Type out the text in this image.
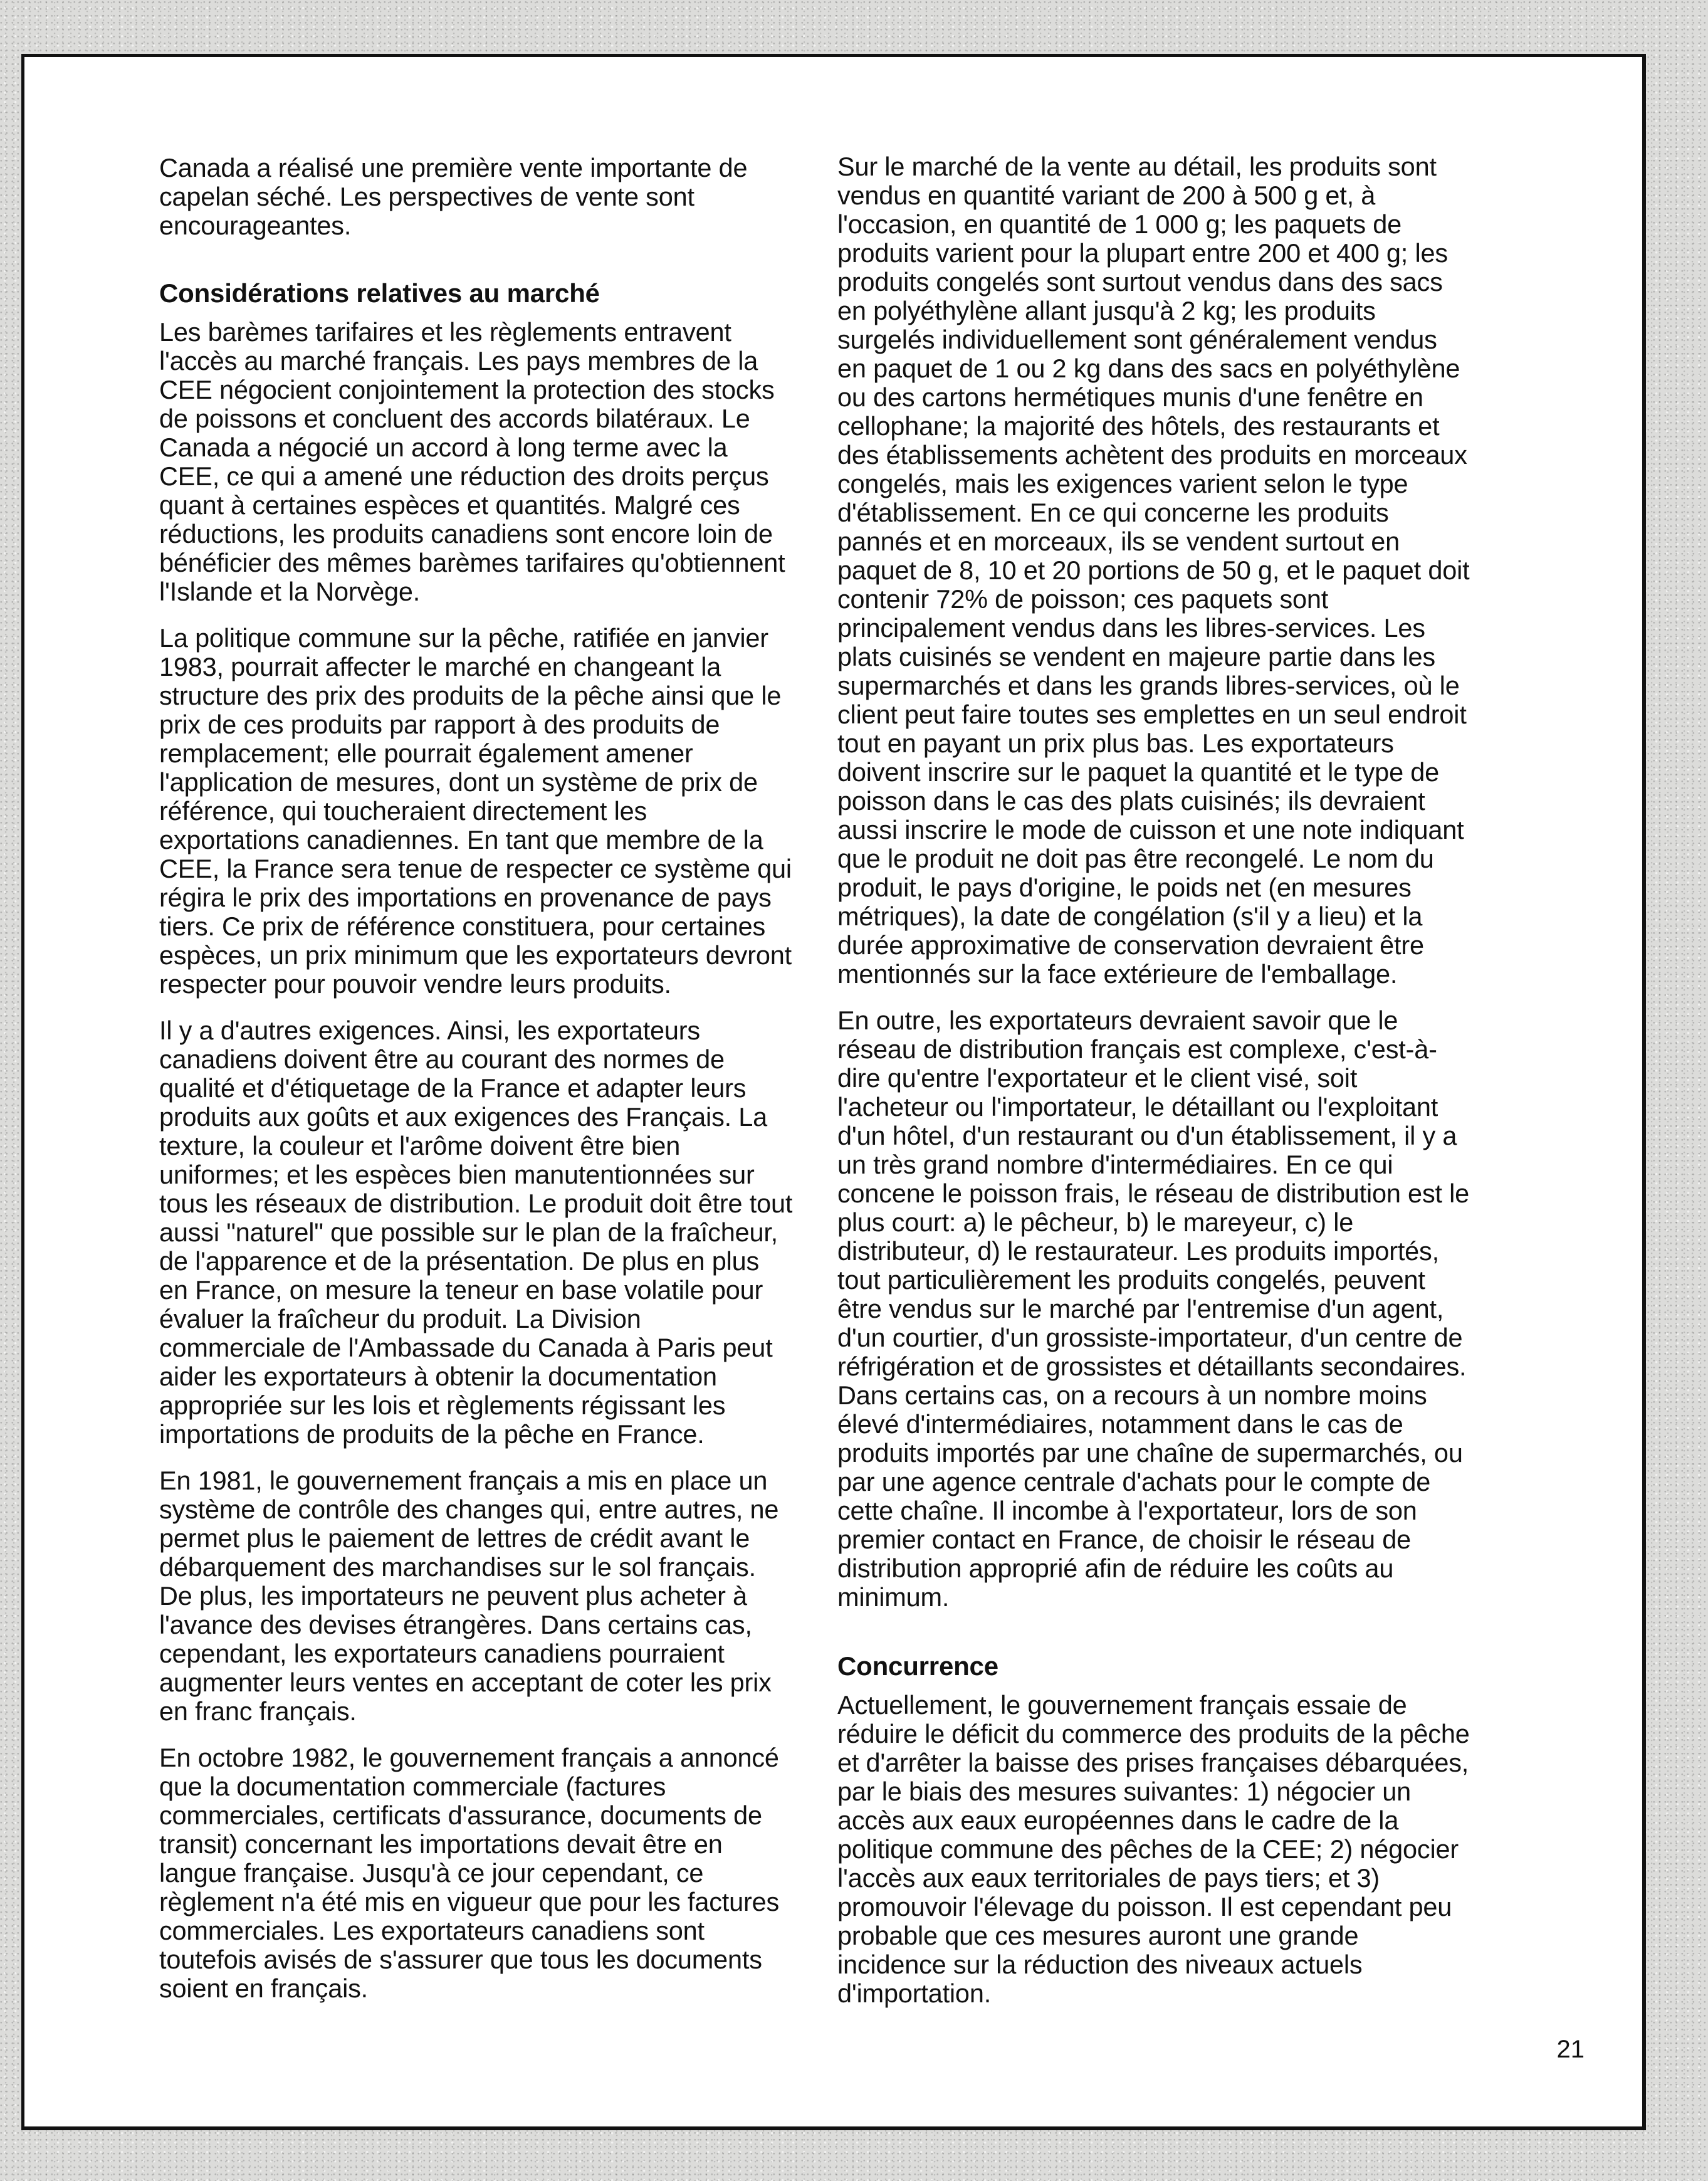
Canada a réalisé une première vente importante de capelan séché. Les perspectives de vente sont encourageantes.

Considérations relatives au marché

Les barèmes tarifaires et les règlements entravent l'accès au marché français. Les pays membres de la CEE négocient conjointement la protection des stocks de poissons et concluent des accords bilatéraux. Le Canada a négocié un accord à long terme avec la CEE, ce qui a amené une réduction des droits perçus quant à certaines espèces et quantités. Malgré ces réductions, les produits canadiens sont encore loin de bénéficier des mêmes barèmes tarifaires qu'obtiennent l'Islande et la Norvège.

La politique commune sur la pêche, ratifiée en janvier 1983, pourrait affecter le marché en changeant la structure des prix des produits de la pêche ainsi que le prix de ces produits par rapport à des produits de remplacement; elle pourrait également amener l'application de mesures, dont un système de prix de référence, qui toucheraient directement les exportations canadiennes. En tant que membre de la CEE, la France sera tenue de respecter ce système qui régira le prix des importations en provenance de pays tiers. Ce prix de référence constituera, pour certaines espèces, un prix minimum que les exportateurs devront respecter pour pouvoir vendre leurs produits.

Il y a d'autres exigences. Ainsi, les exportateurs canadiens doivent être au courant des normes de qualité et d'étiquetage de la France et adapter leurs produits aux goûts et aux exigences des Français. La texture, la couleur et l'arôme doivent être bien uniformes; et les espèces bien manutentionnées sur tous les réseaux de distribution. Le produit doit être tout aussi "naturel" que possible sur le plan de la fraîcheur, de l'apparence et de la présentation. De plus en plus en France, on mesure la teneur en base volatile pour évaluer la fraîcheur du produit. La Division commerciale de l'Ambassade du Canada à Paris peut aider les exportateurs à obtenir la documentation appropriée sur les lois et règlements régissant les importations de produits de la pêche en France.

En 1981, le gouvernement français a mis en place un système de contrôle des changes qui, entre autres, ne permet plus le paiement de lettres de crédit avant le débarquement des marchandises sur le sol français. De plus, les importateurs ne peuvent plus acheter à l'avance des devises étrangères. Dans certains cas, cependant, les exportateurs canadiens pourraient augmenter leurs ventes en acceptant de coter les prix en franc français.

En octobre 1982, le gouvernement français a annoncé que la documentation commerciale (factures commerciales, certificats d'assurance, documents de transit) concernant les importations devait être en langue française. Jusqu'à ce jour cependant, ce règlement n'a été mis en vigueur que pour les factures commerciales. Les exportateurs canadiens sont toutefois avisés de s'assurer que tous les documents soient en français.

Sur le marché de la vente au détail, les produits sont vendus en quantité variant de 200 à 500 g et, à l'occasion, en quantité de 1 000 g; les paquets de produits varient pour la plupart entre 200 et 400 g; les produits congelés sont surtout vendus dans des sacs en polyéthylène allant jusqu'à 2 kg; les produits surgelés individuellement sont généralement vendus en paquet de 1 ou 2 kg dans des sacs en polyéthylène ou des cartons hermétiques munis d'une fenêtre en cellophane; la majorité des hôtels, des restaurants et des établissements achètent des produits en morceaux congelés, mais les exigences varient selon le type d'établissement. En ce qui concerne les produits pannés et en morceaux, ils se vendent surtout en paquet de 8, 10 et 20 portions de 50 g, et le paquet doit contenir 72% de poisson; ces paquets sont principalement vendus dans les libres-services. Les plats cuisinés se vendent en majeure partie dans les supermarchés et dans les grands libres-services, où le client peut faire toutes ses emplettes en un seul endroit tout en payant un prix plus bas. Les exportateurs doivent inscrire sur le paquet la quantité et le type de poisson dans le cas des plats cuisinés; ils devraient aussi inscrire le mode de cuisson et une note indiquant que le produit ne doit pas être recongelé. Le nom du produit, le pays d'origine, le poids net (en mesures métriques), la date de congélation (s'il y a lieu) et la durée approximative de conservation devraient être mentionnés sur la face extérieure de l'emballage.

En outre, les exportateurs devraient savoir que le réseau de distribution français est complexe, c'est-à-dire qu'entre l'exportateur et le client visé, soit l'acheteur ou l'importateur, le détaillant ou l'exploitant d'un hôtel, d'un restaurant ou d'un établissement, il y a un très grand nombre d'intermédiaires. En ce qui concene le poisson frais, le réseau de distribution est le plus court: a) le pêcheur, b) le mareyeur, c) le distributeur, d) le restaurateur. Les produits importés, tout particulièrement les produits congelés, peuvent être vendus sur le marché par l'entremise d'un agent, d'un courtier, d'un grossiste-importateur, d'un centre de réfrigération et de grossistes et détaillants secondaires. Dans certains cas, on a recours à un nombre moins élevé d'intermédiaires, notamment dans le cas de produits importés par une chaîne de supermarchés, ou par une agence centrale d'achats pour le compte de cette chaîne. Il incombe à l'exportateur, lors de son premier contact en France, de choisir le réseau de distribution approprié afin de réduire les coûts au minimum.

Concurrence

Actuellement, le gouvernement français essaie de réduire le déficit du commerce des produits de la pêche et d'arrêter la baisse des prises françaises débarquées, par le biais des mesures suivantes: 1) négocier un accès aux eaux européennes dans le cadre de la politique commune des pêches de la CEE; 2) négocier l'accès aux eaux territoriales de pays tiers; et 3) promouvoir l'élevage du poisson. Il est cependant peu probable que ces mesures auront une grande incidence sur la réduction des niveaux actuels d'importation.

21
